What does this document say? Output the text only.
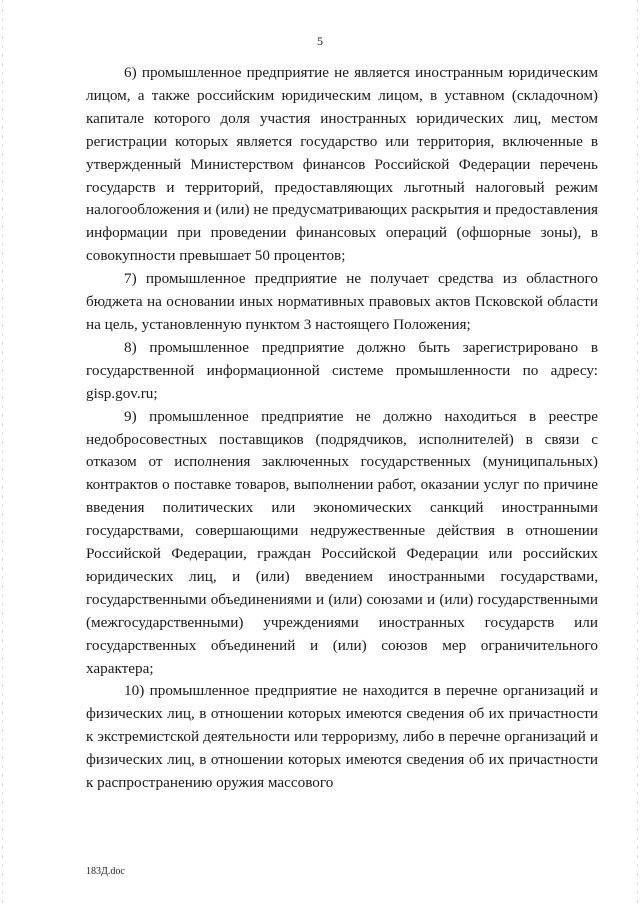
5

6) промышленное предприятие не является иностранным юридическим лицом, а также российским юридическим лицом, в уставном (складочном) капитале которого доля участия иностранных юридических лиц, местом регистрации которых является государство или территория, включенные в утвержденный Министерством финансов Российской Федерации перечень государств и территорий, предоставляющих льготный налоговый режим налогообложения и (или) не предусматривающих раскрытия и предоставления информации при проведении финансовых операций (офшорные зоны), в совокупности превышает 50 процентов;

7) промышленное предприятие не получает средства из областного бюджета на основании иных нормативных правовых актов Псковской области на цель, установленную пунктом 3 настоящего Положения;

8) промышленное предприятие должно быть зарегистрировано в государственной информационной системе промышленности по адресу: gisp.gov.ru;

9) промышленное предприятие не должно находиться в реестре недобросовестных поставщиков (подрядчиков, исполнителей) в связи с отказом от исполнения заключенных государственных (муниципальных) контрактов о поставке товаров, выполнении работ, оказании услуг по причине введения политических или экономических санкций иностранными государствами, совершающими недружественные действия в отношении Российской Федерации, граждан Российской Федерации или российских юридических лиц, и (или) введением иностранными государствами, государственными объединениями и (или) союзами и (или) государственными (межгосударственными) учреждениями иностранных государств или государственных объединений и (или) союзов мер ограничительного характера;

10) промышленное предприятие не находится в перечне организаций и физических лиц, в отношении которых имеются сведения об их причастности к экстремистской деятельности или терроризму, либо в перечне организаций и физических лиц, в отношении которых имеются сведения об их причастности к распространению оружия массового

183Д.doc
